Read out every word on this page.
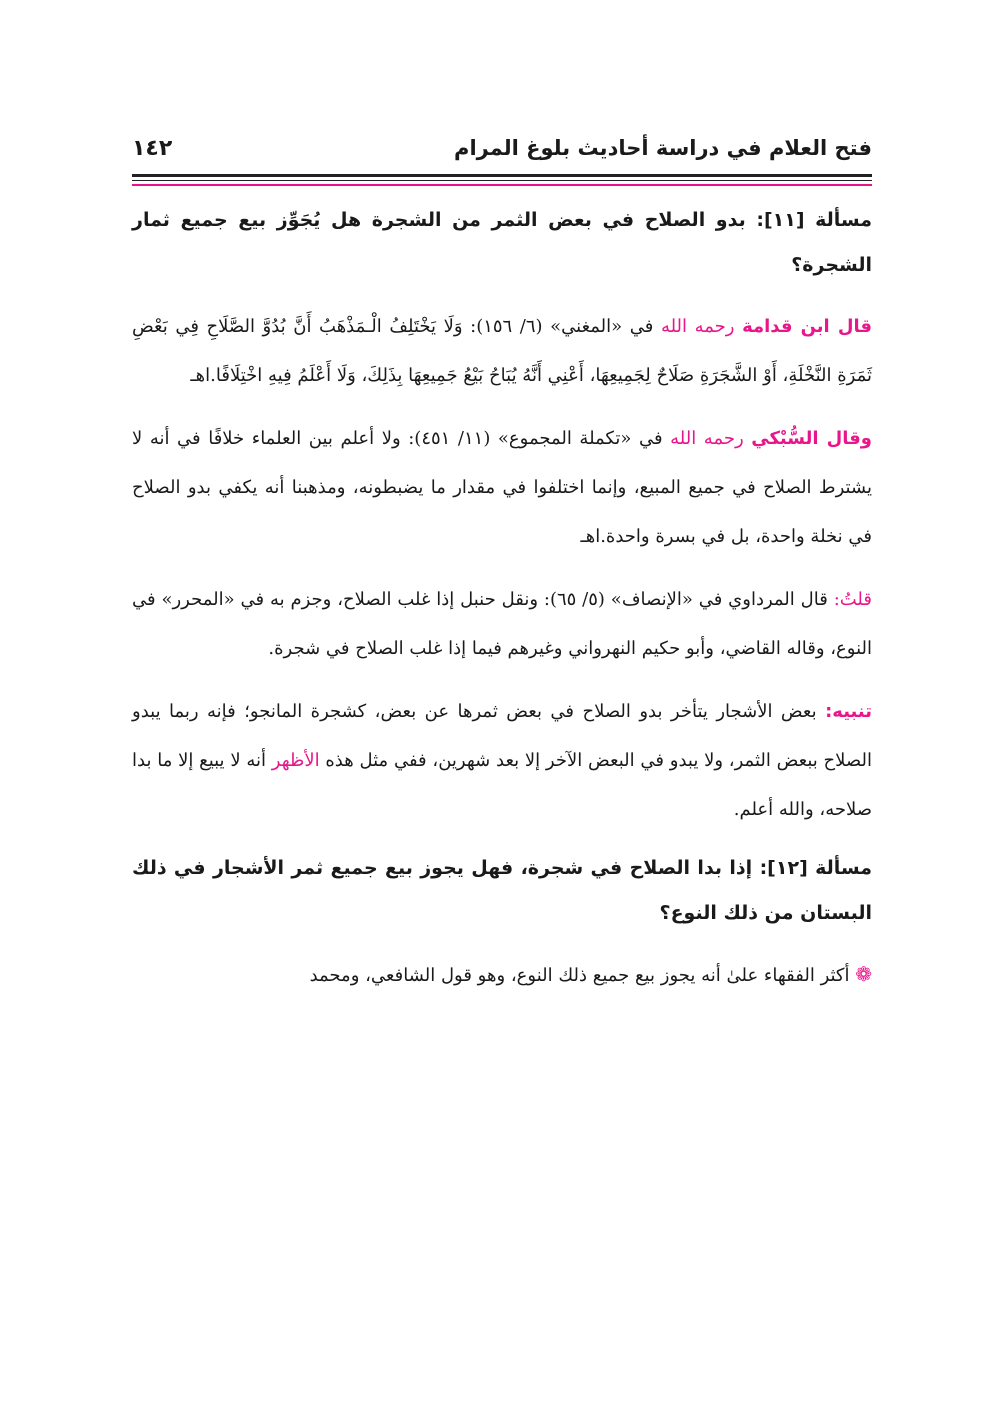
فتح العلام في دراسة أحاديث بلوغ المرام
١٤٢
مسألة [١١]: بدو الصلاح في بعض الثمر من الشجرة هل يُجَوِّز بيع جميع ثمار الشجرة؟
قال ابن قدامة رحمه الله في «المغني» (٦/ ١٥٦): وَلَا يَخْتَلِفُ الْـمَذْهَبُ أَنَّ بُدُوَّ الصَّلَاحِ فِي بَعْضِ ثَمَرَةِ النَّخْلَةِ، أَوْ الشَّجَرَةِ صَلَاحٌ لِجَمِيعِهَا، أَعْنِي أَنَّهُ يُبَاحُ بَيْعُ جَمِيعِهَا بِذَلِكَ، وَلَا أَعْلَمُ فِيهِ اخْتِلَافًا.اهـ
وقال السُّبْكي رحمه الله في «تكملة المجموع» (١١/ ٤٥١): ولا أعلم بين العلماء خلافًا في أنه لا يشترط الصلاح في جميع المبيع، وإنما اختلفوا في مقدار ما يضبطونه، ومذهبنا أنه يكفي بدو الصلاح في نخلة واحدة، بل في بسرة واحدة.اهـ
قلتُ: قال المرداوي في «الإنصاف» (٥/ ٦٥): ونقل حنبل إذا غلب الصلاح، وجزم به في «المحرر» في النوع، وقاله القاضي، وأبو حكيم النهرواني وغيرهم فيما إذا غلب الصلاح في شجرة.
تنبيه: بعض الأشجار يتأخر بدو الصلاح في بعض ثمرها عن بعض، كشجرة المانجو؛ فإنه ربما يبدو الصلاح ببعض الثمر، ولا يبدو في البعض الآخر إلا بعد شهرين، ففي مثل هذه الأظهر أنه لا يبيع إلا ما بدا صلاحه، والله أعلم.
مسألة [١٢]: إذا بدا الصلاح في شجرة، فهل يجوز بيع جميع ثمر الأشجار في ذلك البستان من ذلك النوع؟
❁ أكثر الفقهاء علىٰ أنه يجوز بيع جميع ذلك النوع، وهو قول الشافعي، ومحمد
